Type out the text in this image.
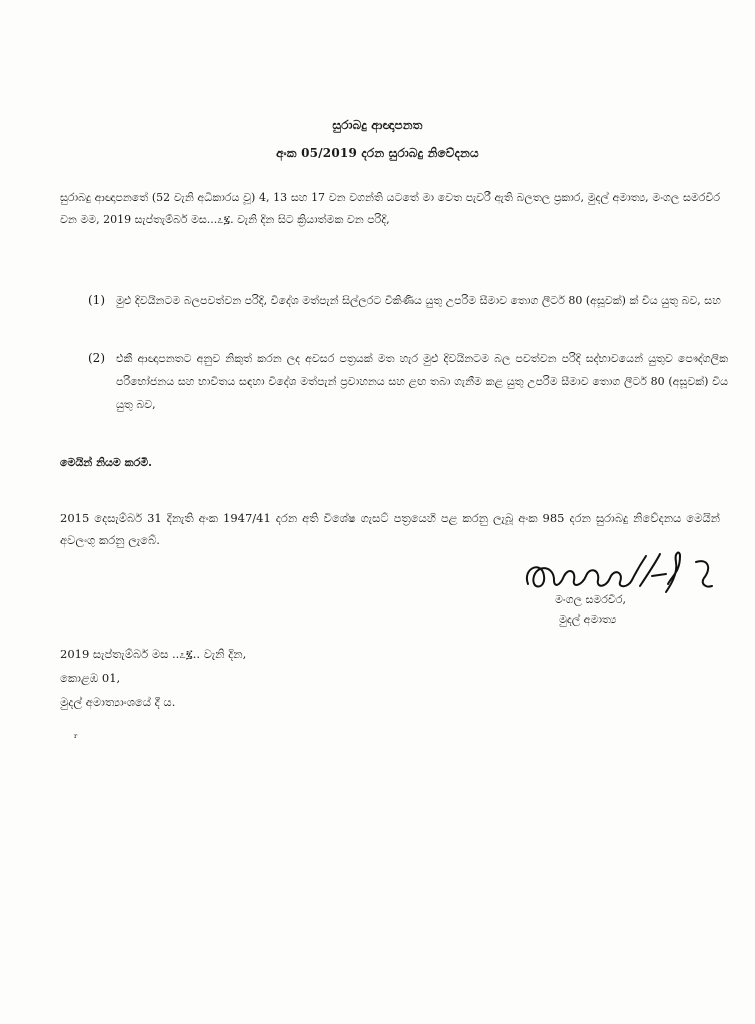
සුරාබදු ආඥාපනත
අංක 05/2019 දරන සුරාබදු නිවේදනය
සුරාබදු ආඥාපනතේ (52 වැනි අධිකාරය වූ) 4, 13 සහ 17 වන වගන්ති යටතේ මා වෙත පැවරී ඇති බලතල ප්‍රකාර, මුදල් අමාත්‍ය, මංගල සමරවීර වන මම, 2019 සැප්තැම්බර් මස...೭፯. වැනි දින සිට ක්‍රියාත්මක වන පරිදි,
(1)	මුළු දිවයිනටම බලපවත්වන පරිදි, විදේශ මත්පැන් සිල්ලරට විකිණිය යුතු උපරිම සීමාව තොග ලීටර් 80 (අසූවක්) ක් විය යුතු බව, සහ
(2)	එකී ආඥාපනතට අනුව නිකුත් කරන ලද අවසර පත්‍රයක් මත හැර මුළු දිවයිනටම බල පවත්වන පරිදි සද්භාවයෙන් යුතුව පෞද්ගලික පරිභෝජනය සහ භාවිතය සඳහා විදේශ මත්පැන් ප්‍රවාහනය සහ ළඟ තබා ගැනීම කළ යුතු උපරිම සීමාව තොග ලීටර් 80 (අසූවක්) විය යුතු බව,
මෙයින් නියම කරමි.
2015 දෙසැම්බර් 31 දිනැති අංක 1947/41 දරන අති විශේෂ ගැසට් පත්‍රයෙහි පළ කරනු ලැබූ අංක 985 දරන සුරාබදු නිවේදනය මෙයින් අවලංගු කරනු ලැබේ.
මංගල සමරවීර,
මුදල් අමාත්‍ය
2019 සැප්තැම්බර් මස ..೭፯.. වැනි දින,
කොළඹ 01,
මුදල් අමාත්‍යාංශයේ දී ය.
ᵣ
